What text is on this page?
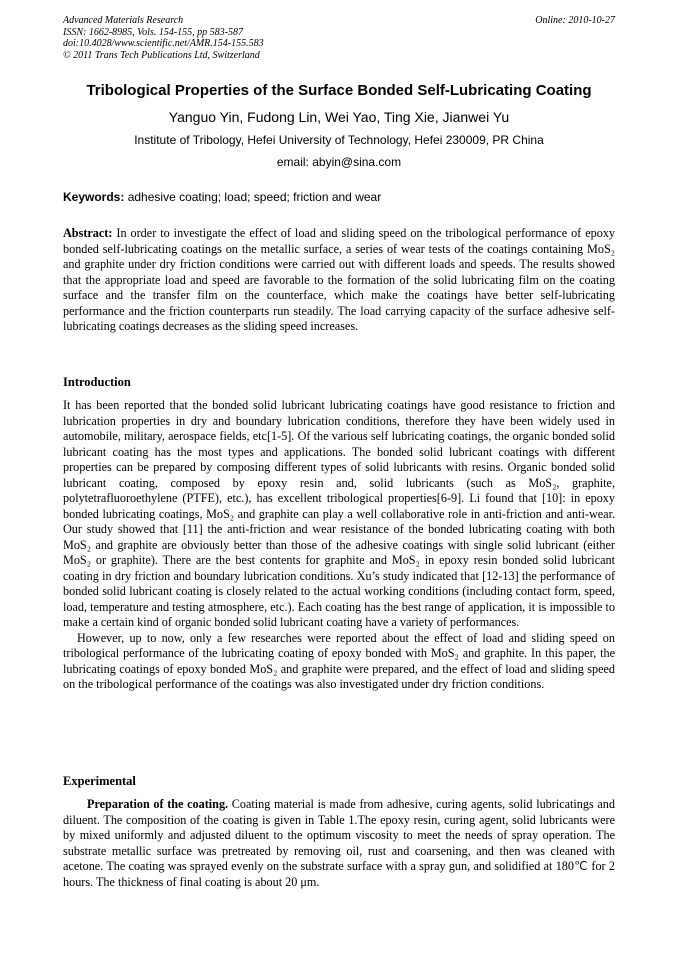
Advanced Materials Research
ISSN: 1662-8985, Vols. 154-155, pp 583-587
doi:10.4028/www.scientific.net/AMR.154-155.583
© 2011 Trans Tech Publications Ltd, Switzerland
Online: 2010-10-27
Tribological Properties of the Surface Bonded Self-Lubricating Coating
Yanguo Yin, Fudong Lin, Wei Yao, Ting Xie, Jianwei Yu
Institute of Tribology, Hefei University of Technology, Hefei 230009, PR China
email: abyin@sina.com
Keywords: adhesive coating; load; speed; friction and wear
Abstract: In order to investigate the effect of load and sliding speed on the tribological performance of epoxy bonded self-lubricating coatings on the metallic surface, a series of wear tests of the coatings containing MoS₂ and graphite under dry friction conditions were carried out with different loads and speeds. The results showed that the appropriate load and speed are favorable to the formation of the solid lubricating film on the coating surface and the transfer film on the counterface, which make the coatings have better self-lubricating performance and the friction counterparts run steadily. The load carrying capacity of the surface adhesive self-lubricating coatings decreases as the sliding speed increases.
Introduction

It has been reported that the bonded solid lubricant lubricating coatings have good resistance to friction and lubrication properties in dry and boundary lubrication conditions, therefore they have been widely used in automobile, military, aerospace fields, etc[1-5]. Of the various self lubricating coatings, the organic bonded solid lubricant coating has the most types and applications. The bonded solid lubricant coatings with different properties can be prepared by composing different types of solid lubricants with resins. Organic bonded solid lubricant coating, composed by epoxy resin and, solid lubricants (such as MoS₂, graphite, polytetrafluoroethylene (PTFE), etc.), has excellent tribological properties[6-9]. Li found that [10]: in epoxy bonded lubricating coatings, MoS₂ and graphite can play a well collaborative role in anti-friction and anti-wear. Our study showed that [11] the anti-friction and wear resistance of the bonded lubricating coating with both MoS₂ and graphite are obviously better than those of the adhesive coatings with single solid lubricant (either MoS₂ or graphite). There are the best contents for graphite and MoS₂ in epoxy resin bonded solid lubricant coating in dry friction and boundary lubrication conditions. Xu’s study indicated that [12-13] the performance of bonded solid lubricant coating is closely related to the actual working conditions (including contact form, speed, load, temperature and testing atmosphere, etc.). Each coating has the best range of application, it is impossible to make a certain kind of organic bonded solid lubricant coating have a variety of performances.

However, up to now, only a few researches were reported about the effect of load and sliding speed on tribological performance of the lubricating coating of epoxy bonded with MoS₂ and graphite. In this paper, the lubricating coatings of epoxy bonded MoS₂ and graphite were prepared, and the effect of load and sliding speed on the tribological performance of the coatings was also investigated under dry friction conditions.

Experimental
Preparation of the coating. Coating material is made from adhesive, curing agents, solid lubricatings and diluent. The composition of the coating is given in Table 1.The epoxy resin, curing agent, solid lubricants were by mixed uniformly and adjusted diluent to the optimum viscosity to meet the needs of spray operation. The substrate metallic surface was pretreated by removing oil, rust and coarsening, and then was cleaned with acetone. The coating was sprayed evenly on the substrate surface with a spray gun, and solidified at 180℃ for 2 hours. The thickness of final coating is about 20 μm.
